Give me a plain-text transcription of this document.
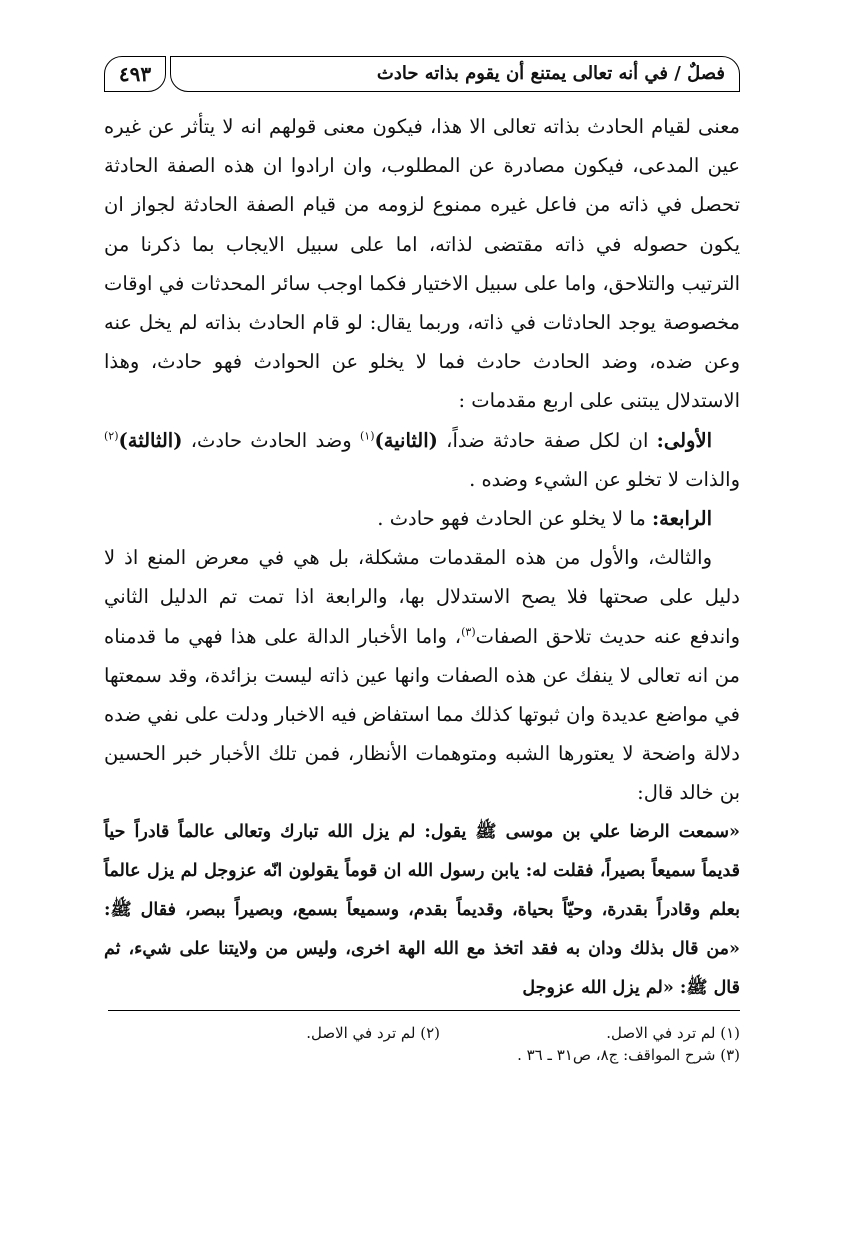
٤٩٣	فصلٌ / في أنه تعالى يمتنع أن يقوم بذاته حادث

معنى لقيام الحادث بذاته تعالى الا هذا، فيكون معنى قولهم انه لا يتأثر عن غيره عين المدعى، فيكون مصادرة عن المطلوب، وان ارادوا ان هذه الصفة الحادثة تحصل في ذاته من فاعل غيره ممنوع لزومه من قيام الصفة الحادثة لجواز ان يكون حصوله في ذاته مقتضى لذاته، اما على سبيل الايجاب بما ذكرنا من الترتيب والتلاحق، واما على سبيل الاختيار فكما اوجب سائر المحدثات في اوقات مخصوصة يوجد الحادثات في ذاته، وربما يقال: لو قام الحادث بذاته لم يخل عنه وعن ضده، وضد الحادث حادث فما لا يخلو عن الحوادث فهو حادث، وهذا الاستدلال يبتنى على اربع مقدمات :

الأولى: ان لكل صفة حادثة ضداً، (الثانية)$^{(١)}$ وضد الحادث حادث، (الثالثة)$^{(٢)}$ والذات لا تخلو عن الشيء وضده .

الرابعة: ما لا يخلو عن الحادث فهو حادث .

والثالث، والأول من هذه المقدمات مشكلة، بل هي في معرض المنع اذ لا دليل على صحتها فلا يصح الاستدلال بها، والرابعة اذا تمت تم الدليل الثاني واندفع عنه حديث تلاحق الصفات$^{(٣)}$، واما الأخبار الدالة على هذا فهي ما قدمناه من انه تعالى لا ينفك عن هذه الصفات وانها عين ذاته ليست بزائدة، وقد سمعتها في مواضع عديدة وان ثبوتها كذلك مما استفاض فيه الاخبار ودلت على نفي ضده دلالة واضحة لا يعتورها الشبه ومتوهمات الأنظار، فمن تلك الأخبار خبر الحسين بن خالد قال:

«سمعت الرضا علي بن موسى ﷺ يقول: لم يزل الله تبارك وتعالى عالماً قادراً حياً قديماً سميعاً بصيراً، فقلت له: يابن رسول الله ان قوماً يقولون انّه عزوجل لم يزل عالماً بعلم وقادراً بقدرة، وحيّاً بحياة، وقديماً بقدم، وسميعاً بسمع، وبصيراً ببصر، فقال ﷺ: «من قال بذلك ودان به فقد اتخذ مع الله الهة اخرى، وليس من ولايتنا على شيء، ثم قال ﷺ: «لم يزل الله عزوجل

(١) لم ترد في الاصل.
(٢) لم ترد في الاصل.
(٣) شرح المواقف: ج٨، ص٣١ ـ ٣٦ .
